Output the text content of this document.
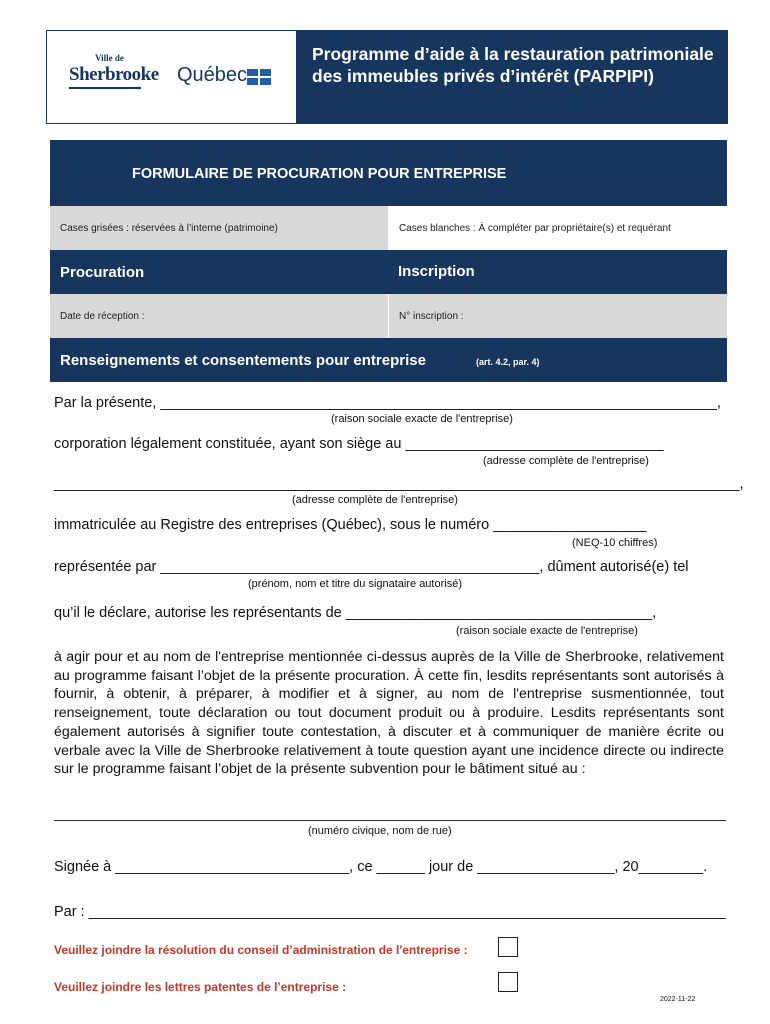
Ville de
Sherbrooke Québec
Programme d’aide à la restauration patrimoniale des immeubles privés d’intérêt (PARPIPI)
FORMULAIRE DE PROCURATION POUR ENTREPRISE
Cases grisées : réservées à l’interne (patrimoine)	Cases blanches : À compléter par propriétaire(s) et requérant
Procuration	Inscription
Date de réception :	N° inscription :
Renseignements et consentements pour entreprise	(art. 4.2, par. 4)
Par la présente, _____________________________________________________________________,
(raison sociale exacte de l'entreprise)
corporation légalement constituée, ayant son siège au ________________________________
(adresse complète de l'entreprise)
_____________________________________________________________________________________,
(adresse complète de l'entreprise)
immatriculée au Registre des entreprises (Québec), sous le numéro ___________________
(NEQ-10 chiffres)
représentée par _______________________________________________, dûment autorisé(e) tel
(prénom, nom et titre du signataire autorisé)
qu’il le déclare, autorise les représentants de ______________________________________,
(raison sociale exacte de l'entreprise)
à agir pour et au nom de l'entreprise mentionnée ci-dessus auprès de la Ville de Sherbrooke, relativement au programme faisant l’objet de la présente procuration. À cette fin, lesdits représentants sont autorisés à fournir, à obtenir, à préparer, à modifier et à signer, au nom de l'entreprise susmentionnée, tout renseignement, toute déclaration ou tout document produit ou à produire. Lesdits représentants sont également autorisés à signifier toute contestation, à discuter et à communiquer de manière écrite ou verbale avec la Ville de Sherbrooke relativement à toute question ayant une incidence directe ou indirecte sur le programme faisant l’objet de la présente subvention pour le bâtiment situé au :
(numéro civique, nom de rue)
Signée à _____________________________, ce ______ jour de _________________, 20________.
Par : _______________________________________________________________________________
Veuillez joindre la résolution du conseil d’administration de l'entreprise :
Veuillez joindre les lettres patentes de l’entreprise :
2022-11-22
